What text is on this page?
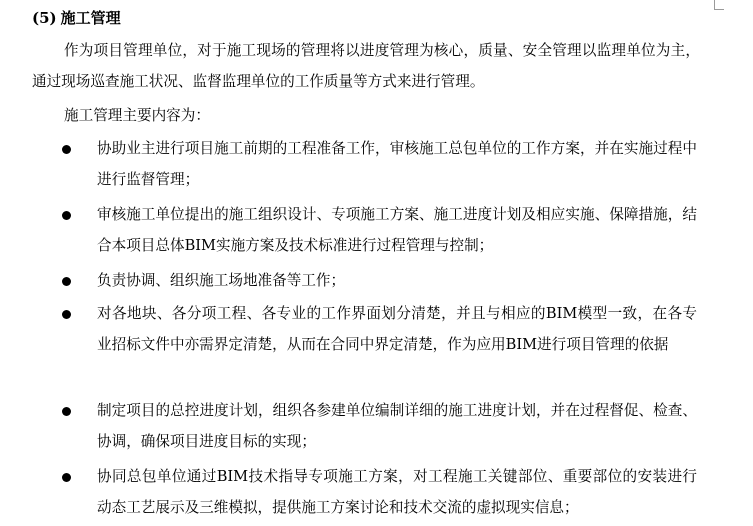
(5) 施工管理
作为项目管理单位，对于施工现场的管理将以进度管理为核心，质量、安全管理以监理单位为主，通过现场巡查施工状况、监督监理单位的工作质量等方式来进行管理。
施工管理主要内容为：
协助业主进行项目施工前期的工程准备工作，审核施工总包单位的工作方案，并在实施过程中进行监督管理；
审核施工单位提出的施工组织设计、专项施工方案、施工进度计划及相应实施、保障措施，结合本项目总体BIM实施方案及技术标准进行过程管理与控制；
负责协调、组织施工场地准备等工作；
对各地块、各分项工程、各专业的工作界面划分清楚，并且与相应的BIM模型一致，在各专业招标文件中亦需界定清楚，从而在合同中界定清楚，作为应用BIM进行项目管理的依据
制定项目的总控进度计划，组织各参建单位编制详细的施工进度计划，并在过程督促、检查、协调，确保项目进度目标的实现；
协同总包单位通过BIM技术指导专项施工方案，对工程施工关键部位、重要部位的安装进行动态工艺展示及三维模拟，提供施工方案讨论和技术交流的虚拟现实信息；
